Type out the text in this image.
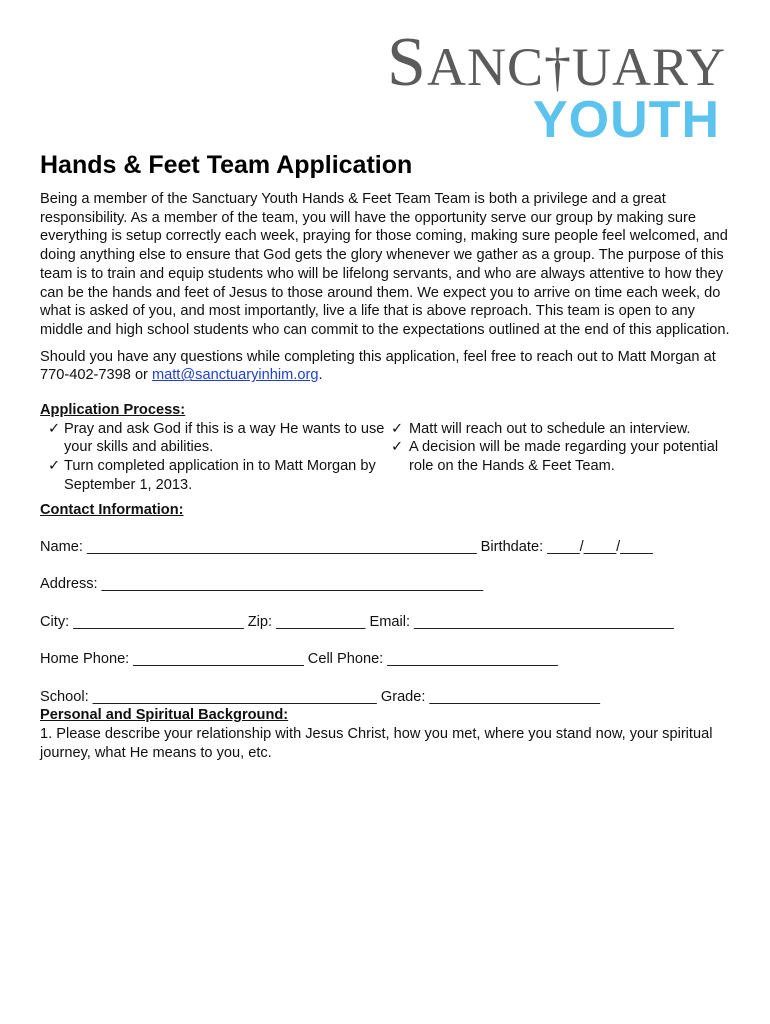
SANC†UARY
YOUTH
Hands & Feet Team Application

Being a member of the Sanctuary Youth Hands & Feet Team Team is both a privilege and a great responsibility. As a member of the team, you will have the opportunity serve our group by making sure everything is setup correctly each week, praying for those coming, making sure people feel welcomed, and doing anything else to ensure that God gets the glory whenever we gather as a group. The purpose of this team is to train and equip students who will be lifelong servants, and who are always attentive to how they can be the hands and feet of Jesus to those around them. We expect you to arrive on time each week, do what is asked of you, and most importantly, live a life that is above reproach. This team is open to any middle and high school students who can commit to the expectations outlined at the end of this application.

Should you have any questions while completing this application, feel free to reach out to Matt Morgan at 770-402-7398 or matt@sanctuaryinhim.org.

Application Process:
✓ Pray and ask God if this is a way He wants to use your skills and abilities.
✓ Turn completed application in to Matt Morgan by September 1, 2013.
✓ Matt will reach out to schedule an interview.
✓ A decision will be made regarding your potential role on the Hands & Feet Team.
Contact Information:
Name: ________________________________________________ Birthdate: ____/____/____
Address: _______________________________________________
City: _____________________ Zip: ___________ Email: ________________________________
Home Phone: _____________________ Cell Phone: _____________________
School: ___________________________________ Grade: _____________________
Personal and Spiritual Background:

1. Please describe your relationship with Jesus Christ, how you met, where you stand now, your spiritual journey, what He means to you, etc.
